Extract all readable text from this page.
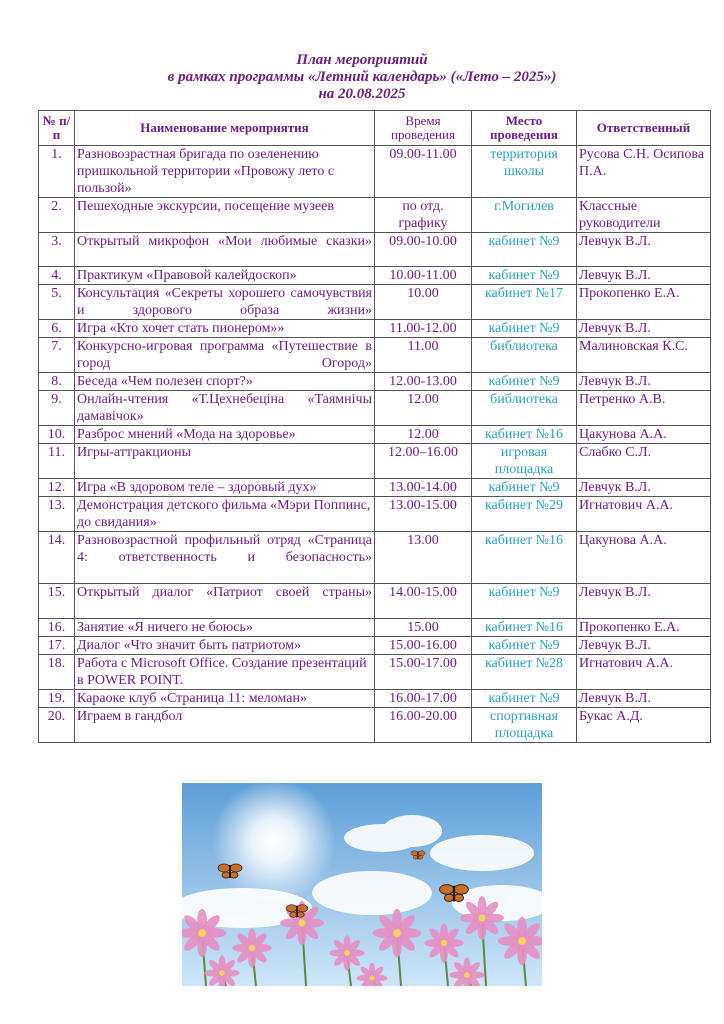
План мероприятий
в рамках программы «Летний календарь» («Лето – 2025»)
на 20.08.2025
№ п/п	Наименование мероприятия	Время проведения	Место проведения	Ответственный
1.	Разновозрастная бригада по озеленению пришкольной территории «Провожу лето с пользой»	09.00-11.00	территория школы	Русова С.Н. Осипова П.А.
2.	Пешеходные экскурсии, посещение музеев	по отд. графику	г.Могилев	Классные руководители
3.	Открытый микрофон «Мои любимые сказки»	09.00-10.00	кабинет №9	Левчук В.Л.
4.	Практикум «Правовой калейдоскоп»	10.00-11.00	кабинет №9	Левчук В.Л.
5.	Консультация «Секреты хорошего самочувствия и здорового образа жизни»	10.00	кабинет №17	Прокопенко Е.А.
6.	Игра «Кто хочет стать пионером»»	11.00-12.00	кабинет №9	Левчук В.Л.
7.	Конкурсно-игровая программа «Путешествие в город Огород»	11.00	библиотека	Малиновская К.С.
8.	Беседа «Чем полезен спорт?»	12.00-13.00	кабинет №9	Левчук В.Л.
9.	Онлайн-чтения «Т.Цехнебецiна «Таямнiчы дамавiчок»	12.00	библиотека	Петренко А.В.
10.	Разброс мнений «Мода на здоровье»	12.00	кабинет №16	Цакунова А.А.
11.	Игры-аттракционы	12.00–16.00	игровая площадка	Слабко С.Л.
12.	Игра «В здоровом теле – здоровый дух»	13.00-14.00	кабинет №9	Левчук В.Л.
13.	Демонстрация детского фильма «Мэри Поппинс, до свидания»	13.00-15.00	кабинет №29	Игнатович А.А.
14.	Разновозрастной профильный отряд «Страница 4: ответственность и безопасность»	13.00	кабинет №16	Цакунова А.А.
15.	Открытый диалог «Патриот своей страны»	14.00-15.00	кабинет №9	Левчук В.Л.
16.	Занятие «Я ничего не боюсь»	15.00	кабинет №16	Прокопенко Е.А.
17.	Диалог «Что значит быть патриотом»	15.00-16.00	кабинет №9	Левчук В.Л.
18.	Работа с Microsoft Office. Создание презентаций в POWER POINT.	15.00-17.00	кабинет №28	Игнатович А.А.
19.	Караоке клуб «Страница 11: меломан»	16.00-17.00	кабинет №9	Левчук В.Л.
20.	Играем в гандбол	16.00-20.00	спортивная площадка	Букас А.Д.
